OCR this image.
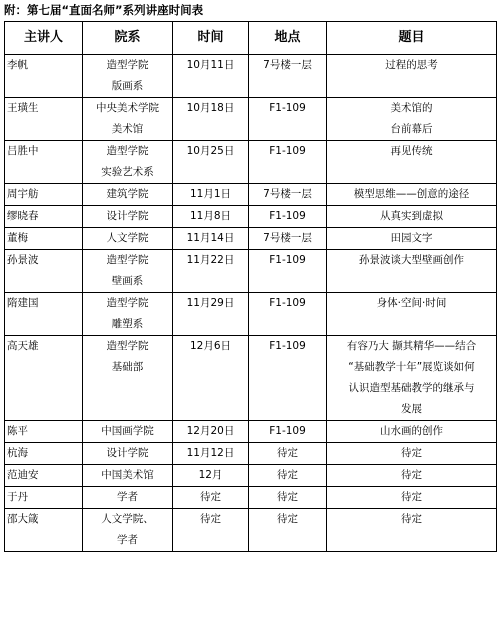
附：第七届“直面名师”系列讲座时间表
主讲人	院系	时间	地点	题目

李帆	造型学院
版画系	10月11日	7号楼一层	过程的思考

王璜生	中央美术学院
美术馆	10月18日	F1-109	美术馆的
台前幕后

吕胜中	造型学院
实验艺术系	10月25日	F1-109	再见传统

周宇舫	建筑学院	11月1日	7号楼一层	模型思维——创意的途径

缪晓春	设计学院	11月8日	F1-109	从真实到虚拟

董梅	人文学院	11月14日	7号楼一层	田园文字

孙景波	造型学院
壁画系	11月22日	F1-109	孙景波谈大型壁画创作

隋建国	造型学院
雕塑系	11月29日	F1-109	身体·空间·时间

高天雄	造型学院
基础部	12月6日	F1-109	有容乃大 撷其精华——结合
“基础教学十年”展览谈如何
认识造型基础教学的继承与
发展

陈平	中国画学院	12月20日	F1-109	山水画的创作

杭海	设计学院	11月12日	待定	待定

范迪安	中国美术馆	12月	待定	待定

于丹	学者	待定	待定	待定

邵大箴	人文学院、
学者	待定	待定	待定
